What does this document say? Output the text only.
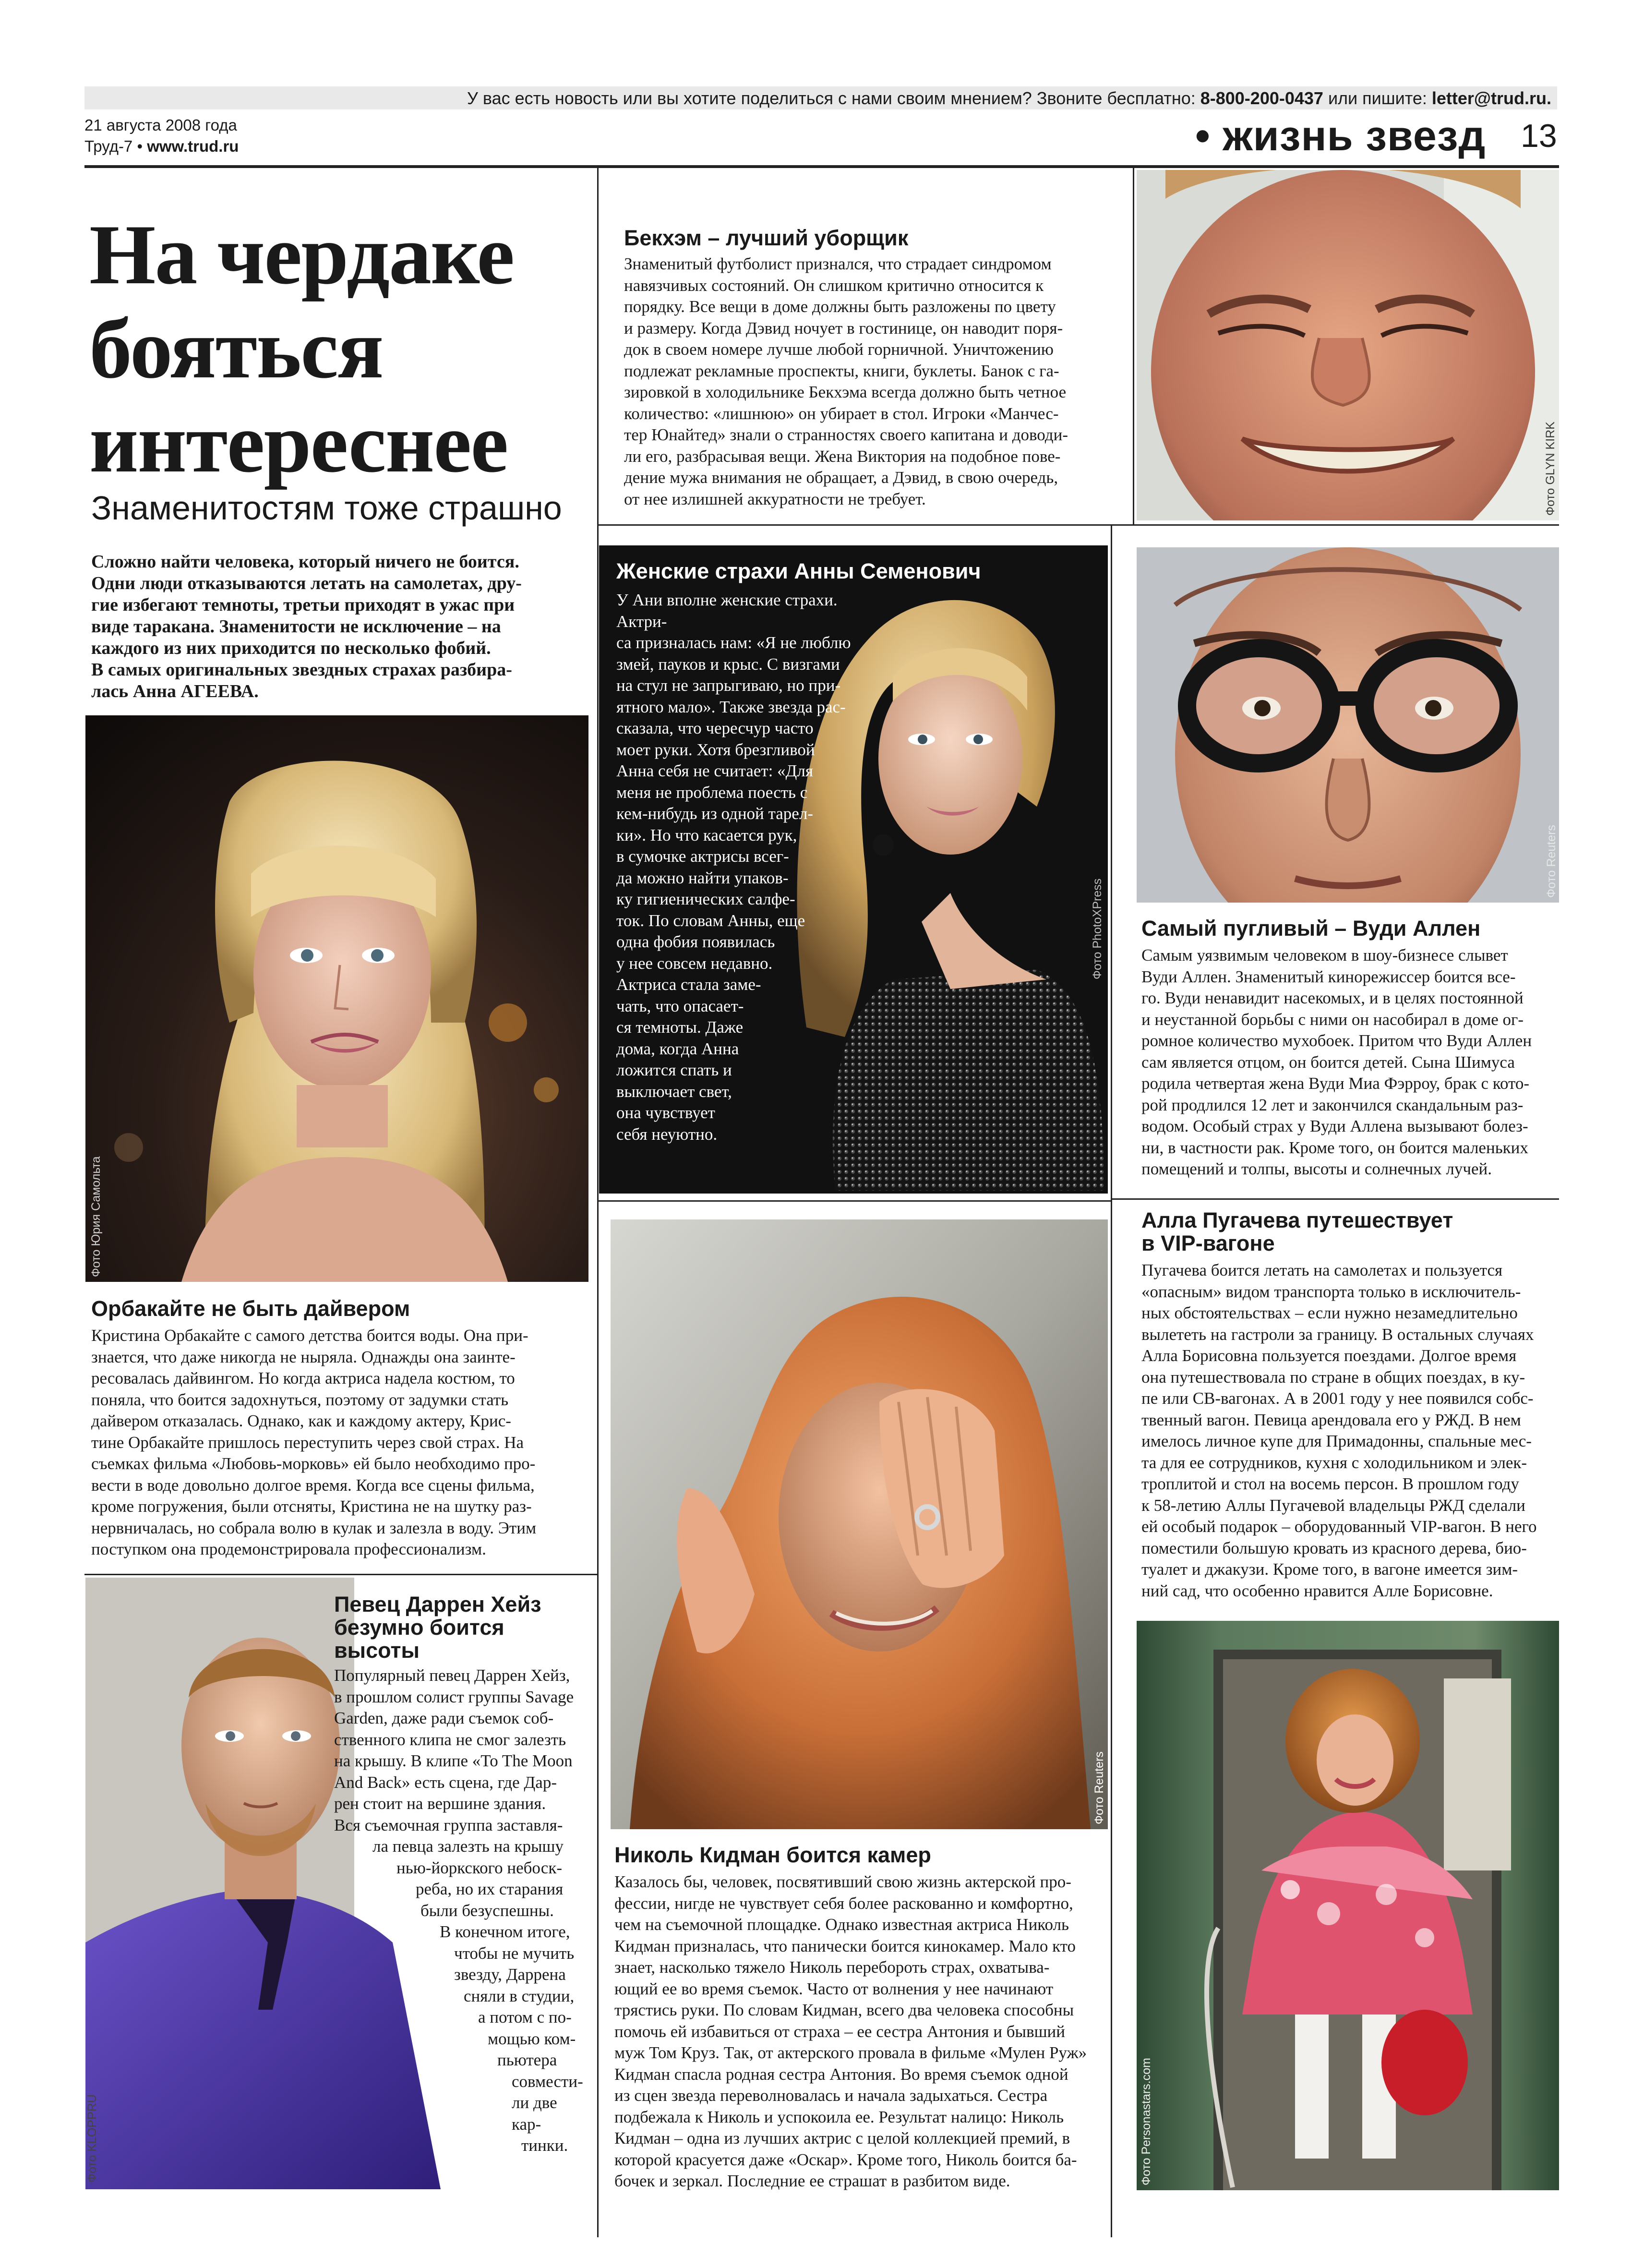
У вас есть новость или вы хотите поделиться с нами своим мнением? Звоните бесплатно: 8-800-200-0437 или пишите: letter@trud.ru.
21 августа 2008 года
Труд-7 • www.trud.ru	• жизнь звезд 13
На чердаке
бояться
интереснее
Знаменитостям тоже страшно
Сложно найти человека, который ничего не боится.
Одни люди отказываются летать на самолетах, дру-
гие избегают темноты, третьи приходят в ужас при
виде таракана. Знаменитости не исключение – на
каждого из них приходится по несколько фобий.
В самых оригинальных звездных страхах разбира-
лась Анна АГЕЕВА.
Фото Юрия Самольта
Орбакайте не быть дайвером
Кристина Орбакайте с самого детства боится воды. Она при-
знается, что даже никогда не ныряла. Однажды она заинте-
ресовалась дайвингом. Но когда актриса надела костюм, то
поняла, что боится задохнуться, поэтому от задумки стать
дайвером отказалась. Однако, как и каждому актеру, Крис-
тине Орбакайте пришлось переступить через свой страх. На
съемках фильма «Любовь-морковь» ей было необходимо про-
вести в воде довольно долгое время. Когда все сцены фильма,
кроме погружения, были отсняты, Кристина не на шутку раз-
нервничалась, но собрала волю в кулак и залезла в воду. Этим
поступком она продемонстрировала профессионализм.
Фото KLOPPRU
Певец Даррен Хейз
безумно боится
высоты
Популярный певец Даррен Хейз,
в прошлом солист группы Savage
Garden, даже ради съемок соб-
ственного клипа не смог залезть
на крышу. В клипе «To The Moon
And Back» есть сцена, где Дар-
рен стоит на вершине здания.
Вся съемочная группа заставля-
ла певца залезть на крышу
нью-йоркского небоск-
реба, но их старания
были безуспешны.
В конечном итоге,
чтобы не мучить
звезду, Даррена
сняли в студии,
а потом с по-
мощью ком-
пьютера
совмести-
ли две кар-
тинки.
Бекхэм – лучший уборщик
Знаменитый футболист признался, что страдает синдромом
навязчивых состояний. Он слишком критично относится к
порядку. Все вещи в доме должны быть разложены по цвету
и размеру. Когда Дэвид ночует в гостинице, он наводит поря-
док в своем номере лучше любой горничной. Уничтожению
подлежат рекламные проспекты, книги, буклеты. Банок с га-
зировкой в холодильнике Бекхэма всегда должно быть четное
количество: «лишнюю» он убирает в стол. Игроки «Манчес-
тер Юнайтед» знали о странностях своего капитана и доводи-
ли его, разбрасывая вещи. Жена Виктория на подобное пове-
дение мужа внимания не обращает, а Дэвид, в свою очередь,
от нее излишней аккуратности не требует.	Фото GLYN KIRK
Фото PhotoXPress
Женские страхи Анны Семенович
У Ани вполне женские страхи. Актри-
са призналась нам: «Я не люблю
змей, пауков и крыс. С визгами
на стул не запрыгиваю, но при-
ятного мало». Также звезда рас-
сказала, что чересчур часто
моет руки. Хотя брезгливой
Анна себя не считает: «Для
меня не проблема поесть с
кем-нибудь из одной тарел-
ки». Но что касается рук,
в сумочке актрисы всег-
да можно найти упаков-
ку гигиенических салфе-
ток. По словам Анны, еще
одна фобия появилась
у нее совсем недавно.
Актриса стала заме-
чать, что опасает-
ся темноты. Даже
дома, когда Анна
ложится спать и
выключает свет,
она чувствует
себя неуютно.
Фото Reuters
Самый пугливый – Вуди Аллен
Самым уязвимым человеком в шоу-бизнесе слывет
Вуди Аллен. Знаменитый кинорежиссер боится все-
го. Вуди ненавидит насекомых, и в целях постоянной
и неустанной борьбы с ними он насобирал в доме ог-
ромное количество мухобоек. Притом что Вуди Аллен
сам является отцом, он боится детей. Сына Шимуса
родила четвертая жена Вуди Миа Фэрроу, брак с кото-
рой продлился 12 лет и закончился скандальным раз-
водом. Особый страх у Вуди Аллена вызывают болез-
ни, в частности рак. Кроме того, он боится маленьких
помещений и толпы, высоты и солнечных лучей.
Фото Reuters
Николь Кидман боится камер
Казалось бы, человек, посвятивший свою жизнь актерской про-
фессии, нигде не чувствует себя более раскованно и комфортно,
чем на съемочной площадке. Однако известная актриса Николь
Кидман призналась, что панически боится кинокамер. Мало кто
знает, насколько тяжело Николь перебороть страх, охватыва-
ющий ее во время съемок. Часто от волнения у нее начинают
трястись руки. По словам Кидман, всего два человека способны
помочь ей избавиться от страха – ее сестра Антония и бывший
муж Том Круз. Так, от актерского провала в фильме «Мулен Руж»
Кидман спасла родная сестра Антония. Во время съемок одной
из сцен звезда переволновалась и начала задыхаться. Сестра
подбежала к Николь и успокоила ее. Результат налицо: Николь
Кидман – одна из лучших актрис с целой коллекцией премий, в
которой красуется даже «Оскар». Кроме того, Николь боится ба-
бочек и зеркал. Последние ее страшат в разбитом виде.
Алла Пугачева путешествует
в VIP-вагоне
Пугачева боится летать на самолетах и пользуется
«опасным» видом транспорта только в исключитель-
ных обстоятельствах – если нужно незамедлительно
вылететь на гастроли за границу. В остальных случаях
Алла Борисовна пользуется поездами. Долгое время
она путешествовала по стране в общих поездах, в ку-
пе или СВ-вагонах. А в 2001 году у нее появился собс-
твенный вагон. Певица арендовала его у РЖД. В нем
имелось личное купе для Примадонны, спальные мес-
та для ее сотрудников, кухня с холодильником и элек-
троплитой и стол на восемь персон. В прошлом году
к 58-летию Аллы Пугачевой владельцы РЖД сделали
ей особый подарок – оборудованный VIP-вагон. В него
поместили большую кровать из красного дерева, био-
туалет и джакузи. Кроме того, в вагоне имеется зим-
ний сад, что особенно нравится Алле Борисовне.
Фото Personastars.com
